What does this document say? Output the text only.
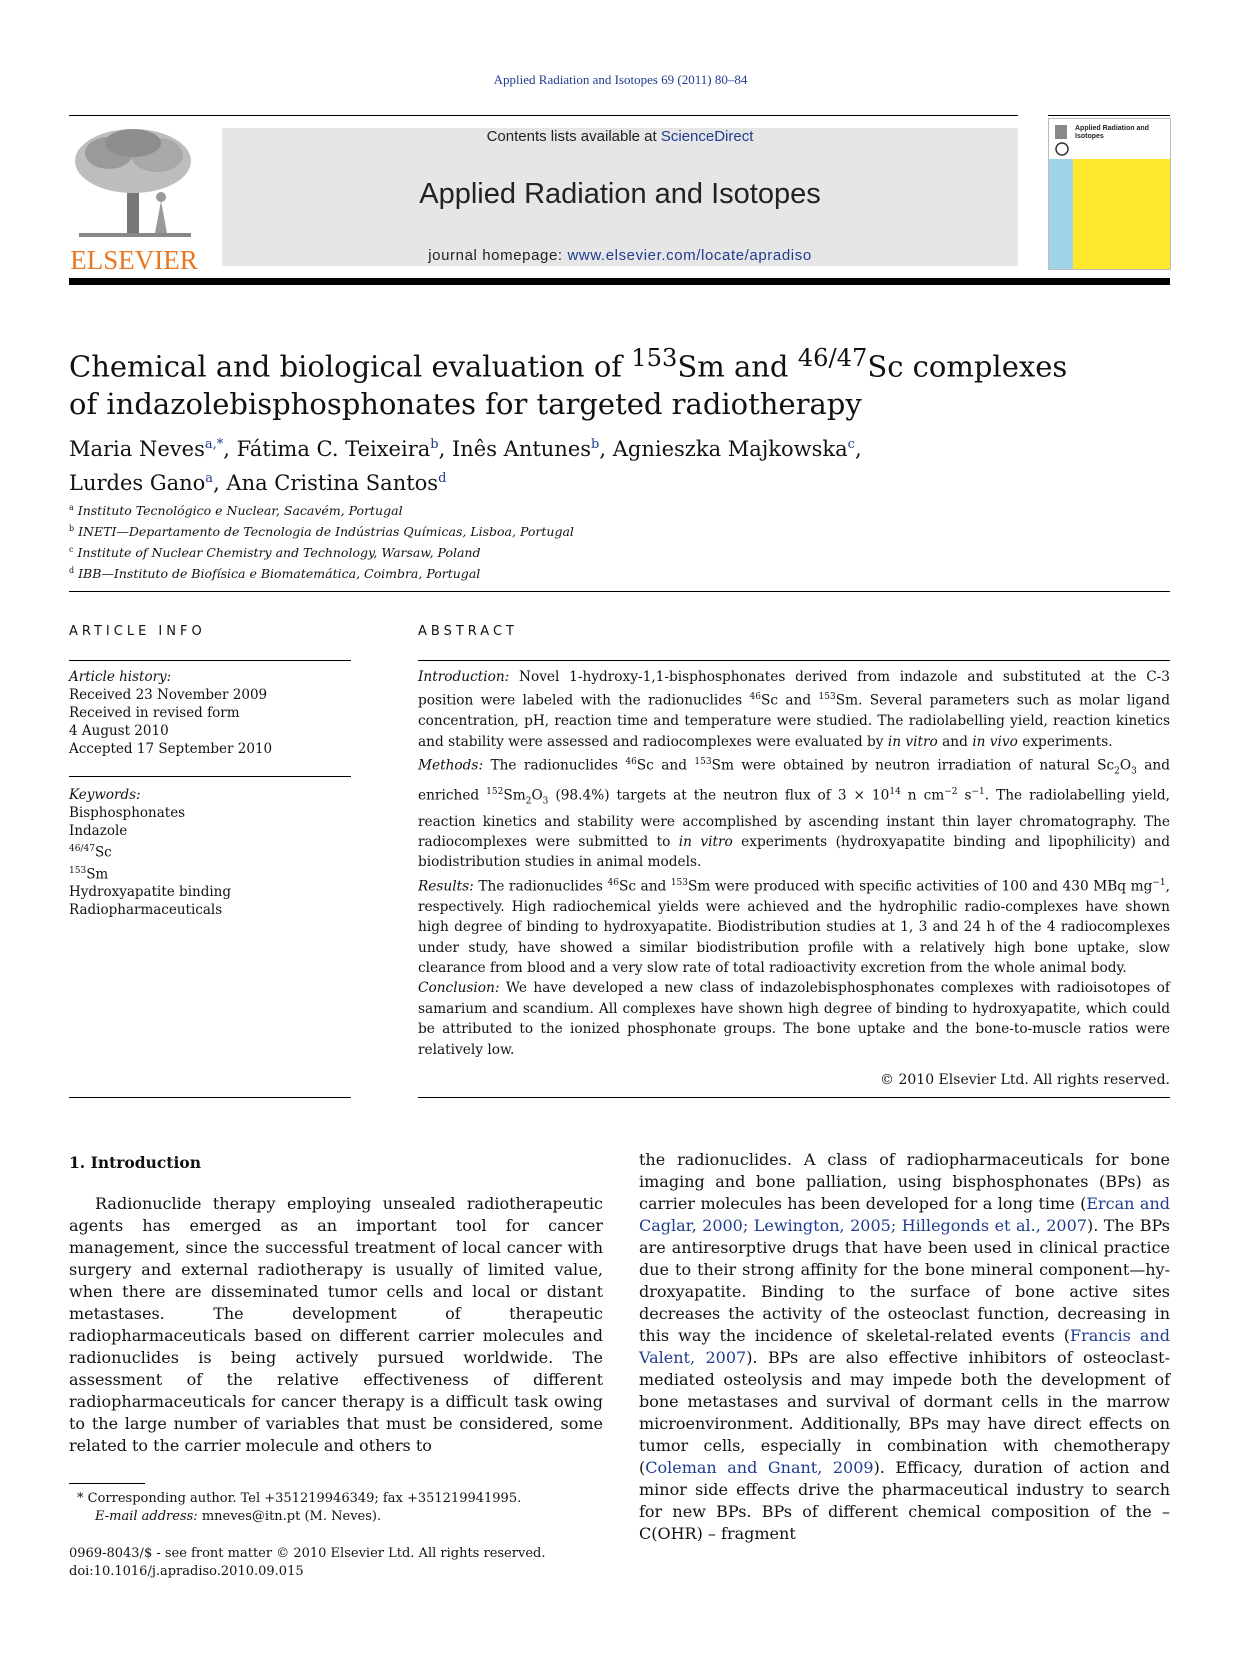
Applied Radiation and Isotopes 69 (2011) 80–84
ELSEVIER
Contents lists available at ScienceDirect
Applied Radiation and Isotopes
journal homepage: www.elsevier.com/locate/apradiso
Applied Radiation and Isotopes
Chemical and biological evaluation of $^{153}$Sm and $^{46/47}$Sc complexes
of indazolebisphosphonates for targeted radiotherapy
Maria Neves$^{a,*}$, Fátima C. Teixeira$^b$, Inês Antunes$^b$, Agnieszka Majkowska$^c$,
Lurdes Gano$^a$, Ana Cristina Santos$^d$
$^a$ Instituto Tecnológico e Nuclear, Sacavém, Portugal
$^b$ INETI—Departamento de Tecnologia de Indústrias Químicas, Lisboa, Portugal
$^c$ Institute of Nuclear Chemistry and Technology, Warsaw, Poland
$^d$ IBB—Instituto de Biofísica e Biomatemática, Coimbra, Portugal
ARTICLE INFO
Article history:
Received 23 November 2009
Received in revised form
4 August 2010
Accepted 17 September 2010
Keywords:
Bisphosphonates
Indazole
$^{46/47}$Sc
$^{153}$Sm
Hydroxyapatite binding
Radiopharmaceuticals
ABSTRACT

Introduction: Novel 1-hydroxy-1,1-bisphosphonates derived from indazole and substituted at the C-3 position were labeled with the radionuclides $^{46}$Sc and $^{153}$Sm. Several parameters such as molar ligand concentration, pH, reaction time and temperature were studied. The radiolabelling yield, reaction kinetics and stability were assessed and radiocomplexes were evaluated by in vitro and in vivo experiments.

Methods: The radionuclides $^{46}$Sc and $^{153}$Sm were obtained by neutron irradiation of natural $Sc_2O_3$ and enriched $^{152}Sm_2O_3$ (98.4%) targets at the neutron flux of $3 \times 10^{14}$ n $cm^{-2}$ $s^{-1}$. The radiolabelling yield, reaction kinetics and stability were accomplished by ascending instant thin layer chromatography. The radiocomplexes were submitted to in vitro experiments (hydroxyapatite binding and lipophilicity) and biodistribution studies in animal models.

Results: The radionuclides $^{46}$Sc and $^{153}$Sm were produced with specific activities of 100 and 430 MBq $mg^{-1}$, respectively. High radiochemical yields were achieved and the hydrophilic radio-complexes have shown high degree of binding to hydroxyapatite. Biodistribution studies at 1, 3 and 24 h of the 4 radiocomplexes under study, have showed a similar biodistribution profile with a relatively high bone uptake, slow clearance from blood and a very slow rate of total radioactivity excretion from the whole animal body.

Conclusion: We have developed a new class of indazolebisphosphonates complexes with radioisotopes of samarium and scandium. All complexes have shown high degree of binding to hydroxyapatite, which could be attributed to the ionized phosphonate groups. The bone uptake and the bone-to-muscle ratios were relatively low.

© 2010 Elsevier Ltd. All rights reserved.
1. Introduction

Radionuclide therapy employing unsealed radiotherapeutic agents has emerged as an important tool for cancer management, since the successful treatment of local cancer with surgery and external radiotherapy is usually of limited value, when there are disseminated tumor cells and local or distant metastases. The development of therapeutic radiopharmaceuticals based on different carrier molecules and radionuclides is being actively pursued worldwide. The assessment of the relative effectiveness of different radiopharmaceuticals for cancer therapy is a difficult task owing to the large number of variables that must be considered, some related to the carrier molecule and others to

the radionuclides. A class of radiopharmaceuticals for bone imaging and bone palliation, using bisphosphonates (BPs) as carrier molecules has been developed for a long time (Ercan and Caglar, 2000; Lewington, 2005; Hillegonds et al., 2007). The BPs are antiresorptive drugs that have been used in clinical practice due to their strong affinity for the bone mineral component—hy-droxyapatite. Binding to the surface of bone active sites decreases the activity of the osteoclast function, decreasing in this way the incidence of skeletal-related events (Francis and Valent, 2007). BPs are also effective inhibitors of osteoclast-mediated osteolysis and may impede both the development of bone metastases and survival of dormant cells in the marrow microenvironment. Additionally, BPs may have direct effects on tumor cells, especially in combination with chemotherapy (Coleman and Gnant, 2009). Efficacy, duration of action and minor side effects drive the pharmaceutical industry to search for new BPs. BPs of different chemical composition of the – C(OHR) – fragment

* Corresponding author. Tel +351219946349; fax +351219941995.
E-mail address: mneves@itn.pt (M. Neves).
0969-8043/$ - see front matter © 2010 Elsevier Ltd. All rights reserved.
doi:10.1016/j.apradiso.2010.09.015
